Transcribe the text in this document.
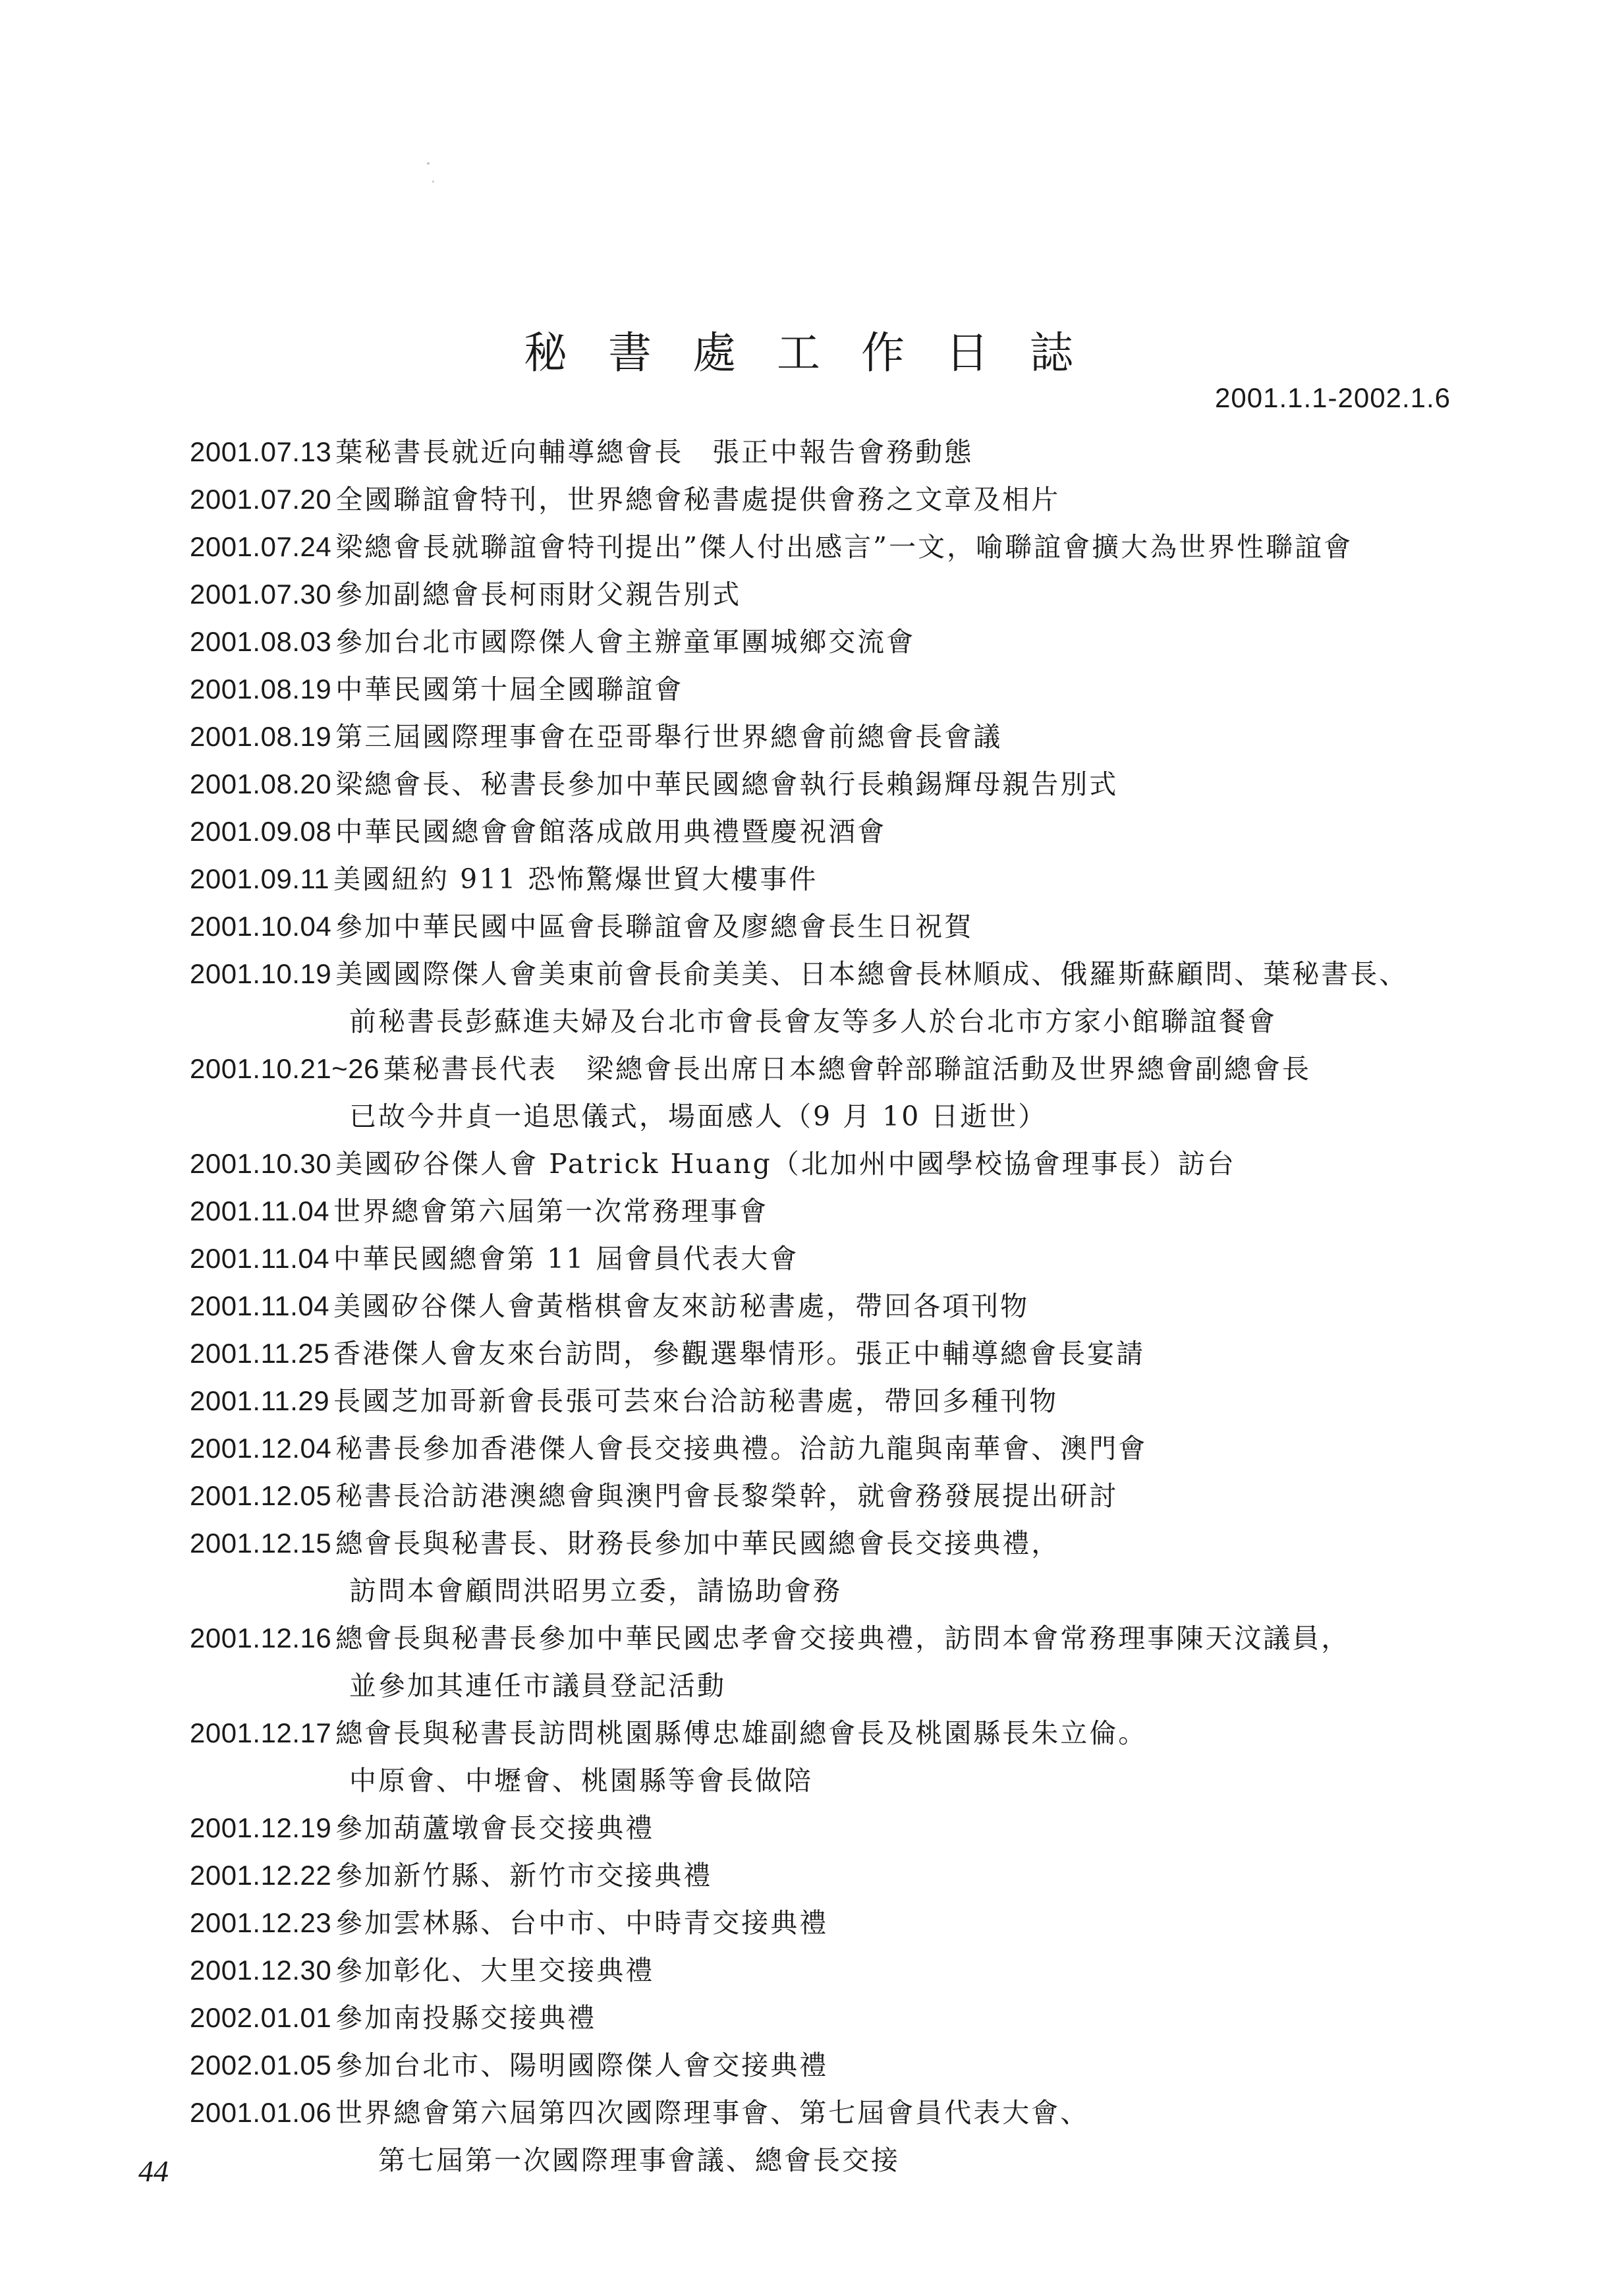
秘書處工作日誌
2001.1.1-2002.1.6
2001.07.13 葉秘書長就近向輔導總會長　張正中報告會務動態
2001.07.20 全國聯誼會特刊，世界總會秘書處提供會務之文章及相片
2001.07.24 梁總會長就聯誼會特刊提出”傑人付出感言”一文，喻聯誼會擴大為世界性聯誼會
2001.07.30 參加副總會長柯雨財父親告別式
2001.08.03 參加台北市國際傑人會主辦童軍團城鄉交流會
2001.08.19 中華民國第十屆全國聯誼會
2001.08.19 第三屆國際理事會在亞哥舉行世界總會前總會長會議
2001.08.20 梁總會長、秘書長參加中華民國總會執行長賴錫輝母親告別式
2001.09.08 中華民國總會會館落成啟用典禮暨慶祝酒會
2001.09.11 美國紐約 911 恐怖驚爆世貿大樓事件
2001.10.04 參加中華民國中區會長聯誼會及廖總會長生日祝賀
2001.10.19 美國國際傑人會美東前會長俞美美、日本總會長林順成、俄羅斯蘇顧問、葉秘書長、
前秘書長彭蘇進夫婦及台北市會長會友等多人於台北市方家小館聯誼餐會
2001.10.21~26 葉秘書長代表　梁總會長出席日本總會幹部聯誼活動及世界總會副總會長
已故今井貞一追思儀式，場面感人（9 月 10 日逝世）
2001.10.30 美國矽谷傑人會 Patrick Huang（北加州中國學校協會理事長）訪台
2001.11.04 世界總會第六屆第一次常務理事會
2001.11.04 中華民國總會第 11 屆會員代表大會
2001.11.04 美國矽谷傑人會黃楷棋會友來訪秘書處，帶回各項刊物
2001.11.25 香港傑人會友來台訪問，參觀選舉情形。張正中輔導總會長宴請
2001.11.29 長國芝加哥新會長張可芸來台洽訪秘書處，帶回多種刊物
2001.12.04 秘書長參加香港傑人會長交接典禮。洽訪九龍與南華會、澳門會
2001.12.05 秘書長洽訪港澳總會與澳門會長黎榮幹，就會務發展提出研討
2001.12.15 總會長與秘書長、財務長參加中華民國總會長交接典禮，
訪問本會顧問洪昭男立委，請協助會務
2001.12.16 總會長與秘書長參加中華民國忠孝會交接典禮，訪問本會常務理事陳天汶議員，
並參加其連任市議員登記活動
2001.12.17 總會長與秘書長訪問桃園縣傅忠雄副總會長及桃園縣長朱立倫。
中原會、中壢會、桃園縣等會長做陪
2001.12.19 參加葫蘆墩會長交接典禮
2001.12.22 參加新竹縣、新竹市交接典禮
2001.12.23 參加雲林縣、台中市、中時青交接典禮
2001.12.30 參加彰化、大里交接典禮
2002.01.01 參加南投縣交接典禮
2002.01.05 參加台北市、陽明國際傑人會交接典禮
2001.01.06 世界總會第六屆第四次國際理事會、第七屆會員代表大會、
第七屆第一次國際理事會議、總會長交接
44
